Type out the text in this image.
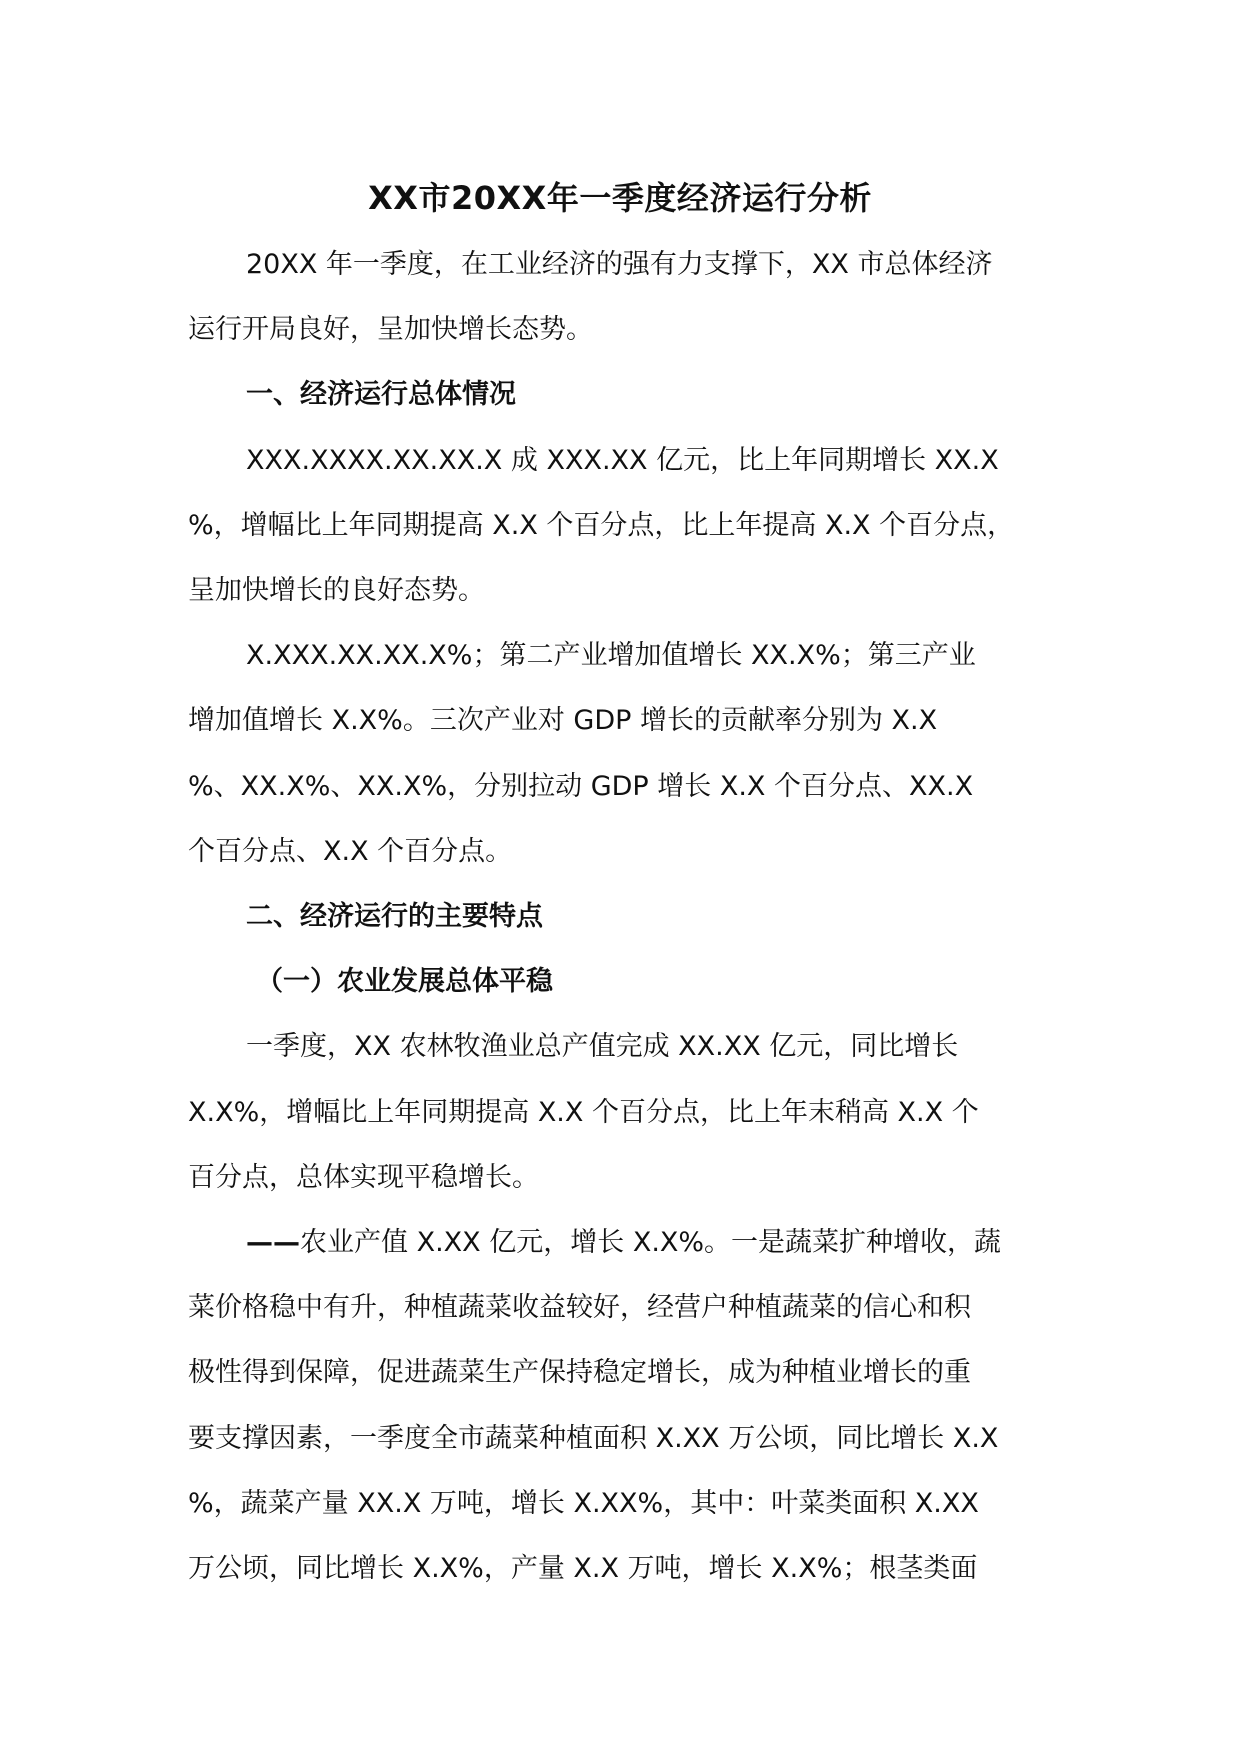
XX市20XX年一季度经济运行分析

20XX 年一季度，在工业经济的强有力支撑下，XX 市总体经济
运行开局良好，呈加快增长态势。

一、经济运行总体情况

XXX.XXXX.XX.XX.X 成 XXX.XX 亿元，比上年同期增长 XX.X
%，增幅比上年同期提高 X.X 个百分点，比上年提高 X.X 个百分点，
呈加快增长的良好态势。

X.XXX.XX.XX.X%；第二产业增加值增长 XX.X%；第三产业
增加值增长 X.X%。三次产业对 GDP 增长的贡献率分别为 X.X
%、XX.X%、XX.X%，分别拉动 GDP 增长 X.X 个百分点、XX.X
个百分点、X.X 个百分点。

二、经济运行的主要特点

（一）农业发展总体平稳

一季度，XX 农林牧渔业总产值完成 XX.XX 亿元，同比增长
X.X%，增幅比上年同期提高 X.X 个百分点，比上年末稍高 X.X 个
百分点，总体实现平稳增长。

——农业产值 X.XX 亿元，增长 X.X%。一是蔬菜扩种增收，蔬
菜价格稳中有升，种植蔬菜收益较好，经营户种植蔬菜的信心和积
极性得到保障，促进蔬菜生产保持稳定增长，成为种植业增长的重
要支撑因素，一季度全市蔬菜种植面积 X.XX 万公顷，同比增长 X.X
%，蔬菜产量 XX.X 万吨，增长 X.XX%，其中：叶菜类面积 X.XX
万公顷，同比增长 X.X%，产量 X.X 万吨，增长 X.X%；根茎类面
